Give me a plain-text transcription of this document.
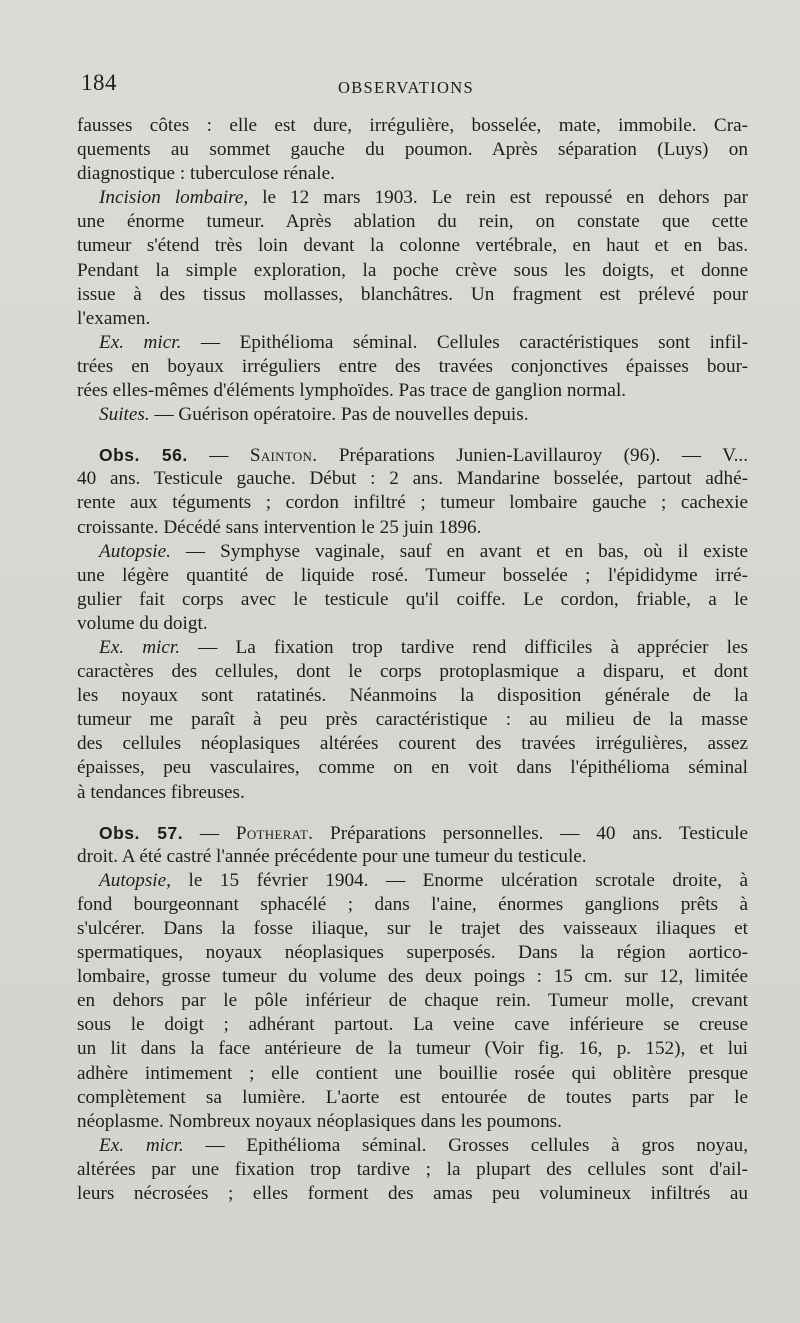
184	OBSERVATIONS
fausses côtes : elle est dure, irrégulière, bosselée, mate, immobile. Cra-
quements au sommet gauche du poumon. Après séparation (Luys) on
diagnostique : tuberculose rénale.
Incision lombaire, le 12 mars 1903. Le rein est repoussé en dehors par
une énorme tumeur. Après ablation du rein, on constate que cette
tumeur s'étend très loin devant la colonne vertébrale, en haut et en bas.
Pendant la simple exploration, la poche crève sous les doigts, et donne
issue à des tissus mollasses, blanchâtres. Un fragment est prélevé pour
l'examen.
Ex. micr. — Epithélioma séminal. Cellules caractéristiques sont infil-
trées en boyaux irréguliers entre des travées conjonctives épaisses bour-
rées elles-mêmes d'éléments lymphoïdes. Pas trace de ganglion normal.
Suites. — Guérison opératoire. Pas de nouvelles depuis.
Obs. 56. — Sainton. Préparations Junien-Lavillauroy (96). — V...
40 ans. Testicule gauche. Début : 2 ans. Mandarine bosselée, partout adhé-
rente aux téguments ; cordon infiltré ; tumeur lombaire gauche ; cachexie
croissante. Décédé sans intervention le 25 juin 1896.
Autopsie. — Symphyse vaginale, sauf en avant et en bas, où il existe
une légère quantité de liquide rosé. Tumeur bosselée ; l'épididyme irré-
gulier fait corps avec le testicule qu'il coiffe. Le cordon, friable, a le
volume du doigt.
Ex. micr. — La fixation trop tardive rend difficiles à apprécier les
caractères des cellules, dont le corps protoplasmique a disparu, et dont
les noyaux sont ratatinés. Néanmoins la disposition générale de la
tumeur me paraît à peu près caractéristique : au milieu de la masse
des cellules néoplasiques altérées courent des travées irrégulières, assez
épaisses, peu vasculaires, comme on en voit dans l'épithélioma séminal
à tendances fibreuses.
Obs. 57. — Potherat. Préparations personnelles. — 40 ans. Testicule
droit. A été castré l'année précédente pour une tumeur du testicule.
Autopsie, le 15 février 1904. — Enorme ulcération scrotale droite, à
fond bourgeonnant sphacélé ; dans l'aine, énormes ganglions prêts à
s'ulcérer. Dans la fosse iliaque, sur le trajet des vaisseaux iliaques et
spermatiques, noyaux néoplasiques superposés. Dans la région aortico-
lombaire, grosse tumeur du volume des deux poings : 15 cm. sur 12, limitée
en dehors par le pôle inférieur de chaque rein. Tumeur molle, crevant
sous le doigt ; adhérant partout. La veine cave inférieure se creuse
un lit dans la face antérieure de la tumeur (Voir fig. 16, p. 152), et lui
adhère intimement ; elle contient une bouillie rosée qui oblitère presque
complètement sa lumière. L'aorte est entourée de toutes parts par le
néoplasme. Nombreux noyaux néoplasiques dans les poumons.
Ex. micr. — Epithélioma séminal. Grosses cellules à gros noyau,
altérées par une fixation trop tardive ; la plupart des cellules sont d'ail-
leurs nécrosées ; elles forment des amas peu volumineux infiltrés au
